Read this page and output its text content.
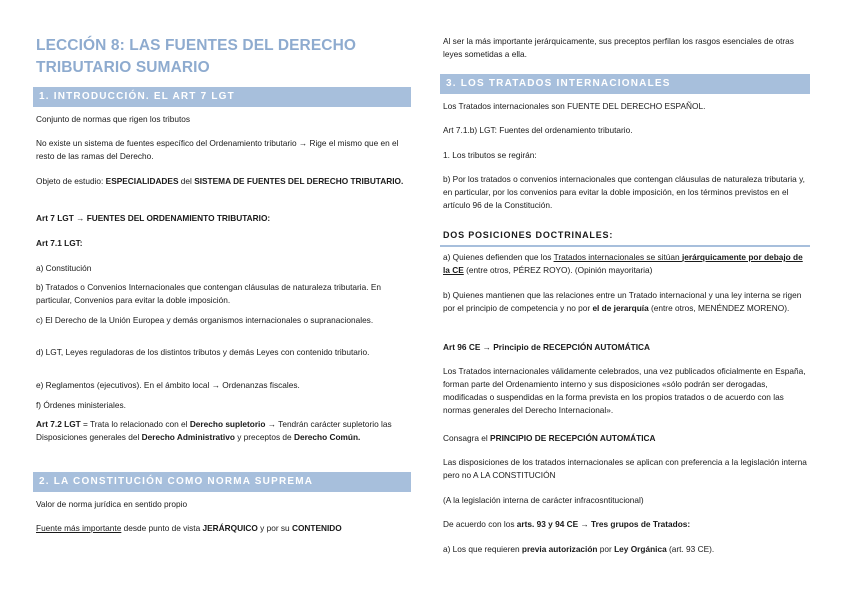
LECCIÓN 8: LAS FUENTES DEL DERECHO TRIBUTARIO SUMARIO
1. INTRODUCCIÓN. EL ART 7 LGT

Conjunto de normas que rigen los tributos

No existe un sistema de fuentes específico del Ordenamiento tributario → Rige el mismo que en el resto de las ramas del Derecho.

Objeto de estudio: ESPECIALIDADES del SISTEMA DE FUENTES DEL DERECHO TRIBUTARIO.

Art 7 LGT → FUENTES DEL ORDENAMIENTO TRIBUTARIO:

Art 7.1 LGT:

a) Constitución

b) Tratados o Convenios Internacionales que contengan cláusulas de naturaleza tributaria. En particular, Convenios para evitar la doble imposición.

c) El Derecho de la Unión Europea y demás organismos internacionales o supranacionales.

d) LGT, Leyes reguladoras de los distintos tributos y demás Leyes con contenido tributario.

e) Reglamentos (ejecutivos). En el ámbito local → Ordenanzas fiscales.

f) Órdenes ministeriales.

Art 7.2 LGT = Trata lo relacionado con el Derecho supletorio → Tendrán carácter supletorio las Disposiciones generales del Derecho Administrativo y preceptos de Derecho Común.

2. LA CONSTITUCIÓN COMO NORMA SUPREMA

Valor de norma jurídica en sentido propio

Fuente más importante desde punto de vista JERÁRQUICO y por su CONTENIDO

Al ser la más importante jerárquicamente, sus preceptos perfilan los rasgos esenciales de otras leyes sometidas a ella.

3. LOS TRATADOS INTERNACIONALES

Los Tratados internacionales son FUENTE DEL DERECHO ESPAÑOL.

Art 7.1.b) LGT: Fuentes del ordenamiento tributario.

1. Los tributos se regirán:

b) Por los tratados o convenios internacionales que contengan cláusulas de naturaleza tributaria y, en particular, por los convenios para evitar la doble imposición, en los términos previstos en el artículo 96 de la Constitución.

DOS POSICIONES DOCTRINALES:

a) Quienes defienden que los Tratados internacionales se sitúan jerárquicamente por debajo de la CE (entre otros, PÉREZ ROYO). (Opinión mayoritaria)

b) Quienes mantienen que las relaciones entre un Tratado internacional y una ley interna se rigen por el principio de competencia y no por el de jerarquía (entre otros, MENÉNDEZ MORENO).

Art 96 CE → Principio de RECEPCIÓN AUTOMÁTICA

Los Tratados internacionales válidamente celebrados, una vez publicados oficialmente en España, forman parte del Ordenamiento interno y sus disposiciones «sólo podrán ser derogadas, modificadas o suspendidas en la forma prevista en los propios tratados o de acuerdo con las normas generales del Derecho Internacional».

Consagra el PRINCIPIO DE RECEPCIÓN AUTOMÁTICA

Las disposiciones de los tratados internacionales se aplican con preferencia a la legislación interna pero no A LA CONSTITUCIÓN

(A la legislación interna de carácter infracosntitucional)

De acuerdo con los arts. 93 y 94 CE → Tres grupos de Tratados:

a) Los que requieren previa autorización por Ley Orgánica (art. 93 CE).
